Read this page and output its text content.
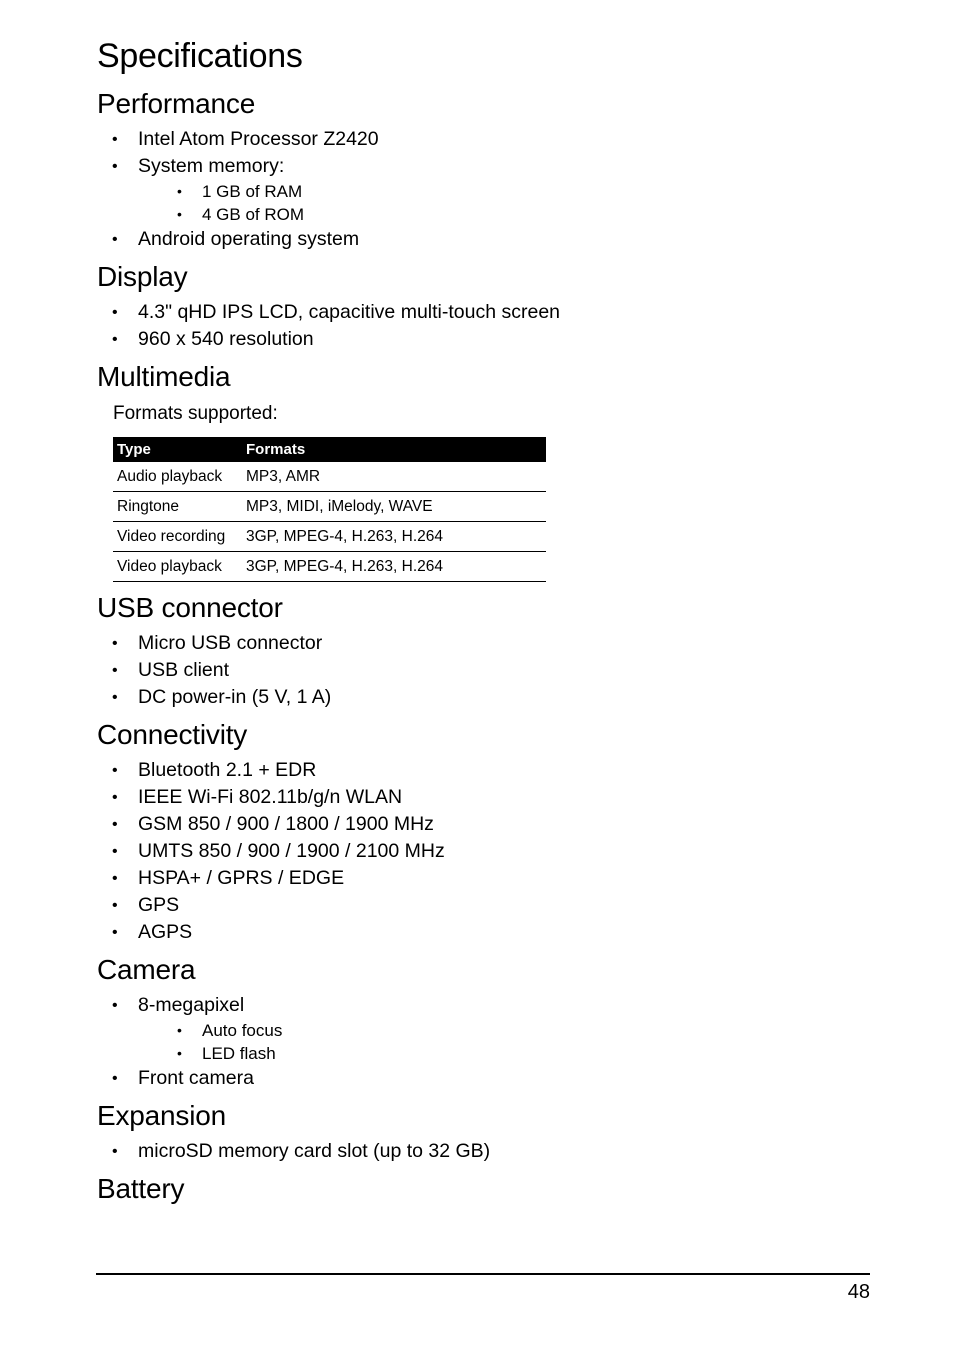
Specifications
Performance
• Intel Atom Processor Z2420
• System memory:
• 1 GB of RAM
• 4 GB of ROM
• Android operating system
Display
• 4.3" qHD IPS LCD, capacitive multi-touch screen
• 960 x 540 resolution
Multimedia
Formats supported:
Type	Formats
Audio playback	MP3, AMR
Ringtone	MP3, MIDI, iMelody, WAVE
Video recording	3GP, MPEG-4, H.263, H.264
Video playback	3GP, MPEG-4, H.263, H.264
USB connector
• Micro USB connector
• USB client
• DC power-in (5 V, 1 A)
Connectivity
• Bluetooth 2.1 + EDR
• IEEE Wi-Fi 802.11b/g/n WLAN
• GSM 850 / 900 / 1800 / 1900 MHz
• UMTS 850 / 900 / 1900 / 2100 MHz
• HSPA+ / GPRS / EDGE
• GPS
• AGPS
Camera
• 8-megapixel
• Auto focus
• LED flash
• Front camera
Expansion
• microSD memory card slot (up to 32 GB)
Battery
48
